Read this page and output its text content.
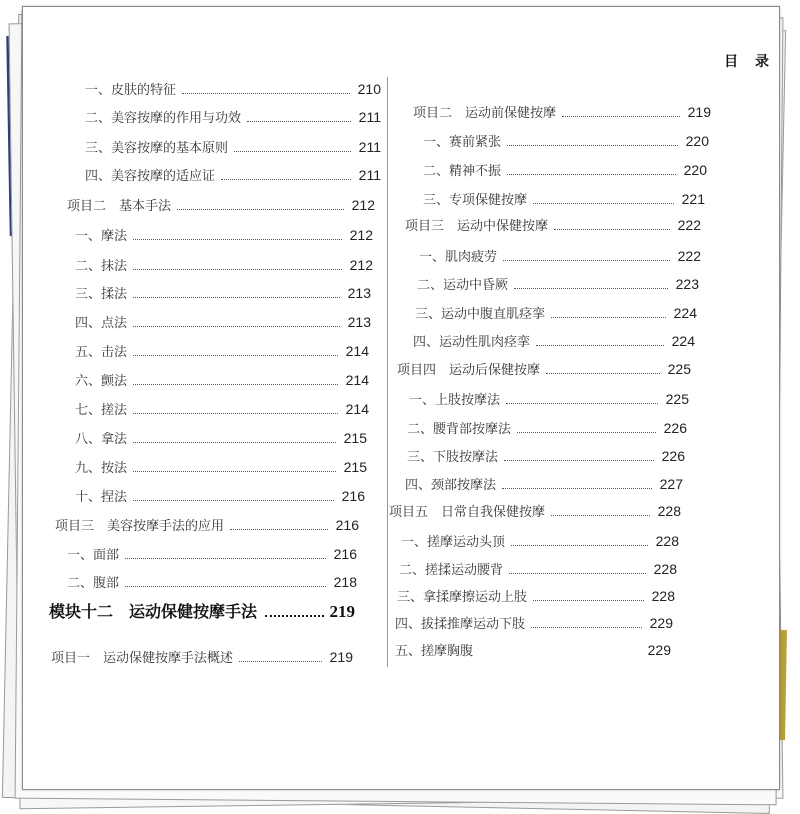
目 录
一、皮肤的特征	210
二、美容按摩的作用与功效	211
三、美容按摩的基本原则	211
四、美容按摩的适应证	211
项目二　基本手法	212
一、摩法	212
二、抹法	212
三、揉法	213
四、点法	213
五、击法	214
六、颤法	214
七、搓法	214
八、拿法	215
九、按法	215
十、捏法	216
项目三　美容按摩手法的应用	216
一、面部	216
二、腹部	218
模块十二　运动保健按摩手法	219
项目一　运动保健按摩手法概述	219
项目二　运动前保健按摩	219
一、赛前紧张	220
二、精神不振	220
三、专项保健按摩	221
项目三　运动中保健按摩	222
一、肌肉疲劳	222
二、运动中昏厥	223
三、运动中腹直肌痉挛	224
四、运动性肌肉痉挛	224
项目四　运动后保健按摩	225
一、上肢按摩法	225
二、腰背部按摩法	226
三、下肢按摩法	226
四、颈部按摩法	227
项目五　日常自我保健按摩	228
一、搓摩运动头顶	228
二、搓揉运动腰背	228
三、拿揉摩擦运动上肢	228
四、拔揉推摩运动下肢	229
五、搓摩胸腹	229
